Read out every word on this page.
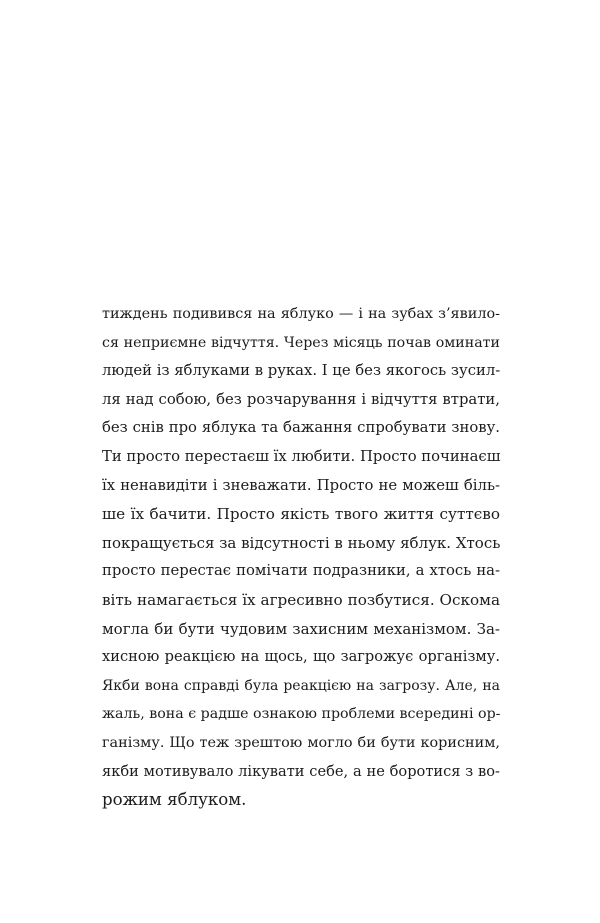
тиждень подивився на яблуко — і на зубах з’явило-
ся неприємне відчуття. Через місяць почав оминати
людей із яблуками в руках. І це без якогось зусил-
ля над собою, без розчарування і відчуття втрати,
без снів про яблука та бажання спробувати знову.
Ти просто перестаєш їх любити. Просто починаєш
їх ненавидіти і зневажати. Просто не можеш біль-
ше їх бачити. Просто якість твого життя суттєво
покращується за відсутності в ньому яблук. Хтось
просто перестає помічати подразники, а хтось на-
віть намагається їх агресивно позбутися. Оскома
могла би бути чудовим захисним механізмом. За-
хисною реакцією на щось, що загрожує організму.
Якби вона справді була реакцією на загрозу. Але, на
жаль, вона є радше ознакою проблеми всередині ор-
ганізму. Що теж зрештою могло би бути корисним,
якби мотивувало лікувати себе, а не боротися з во-
рожим яблуком.
